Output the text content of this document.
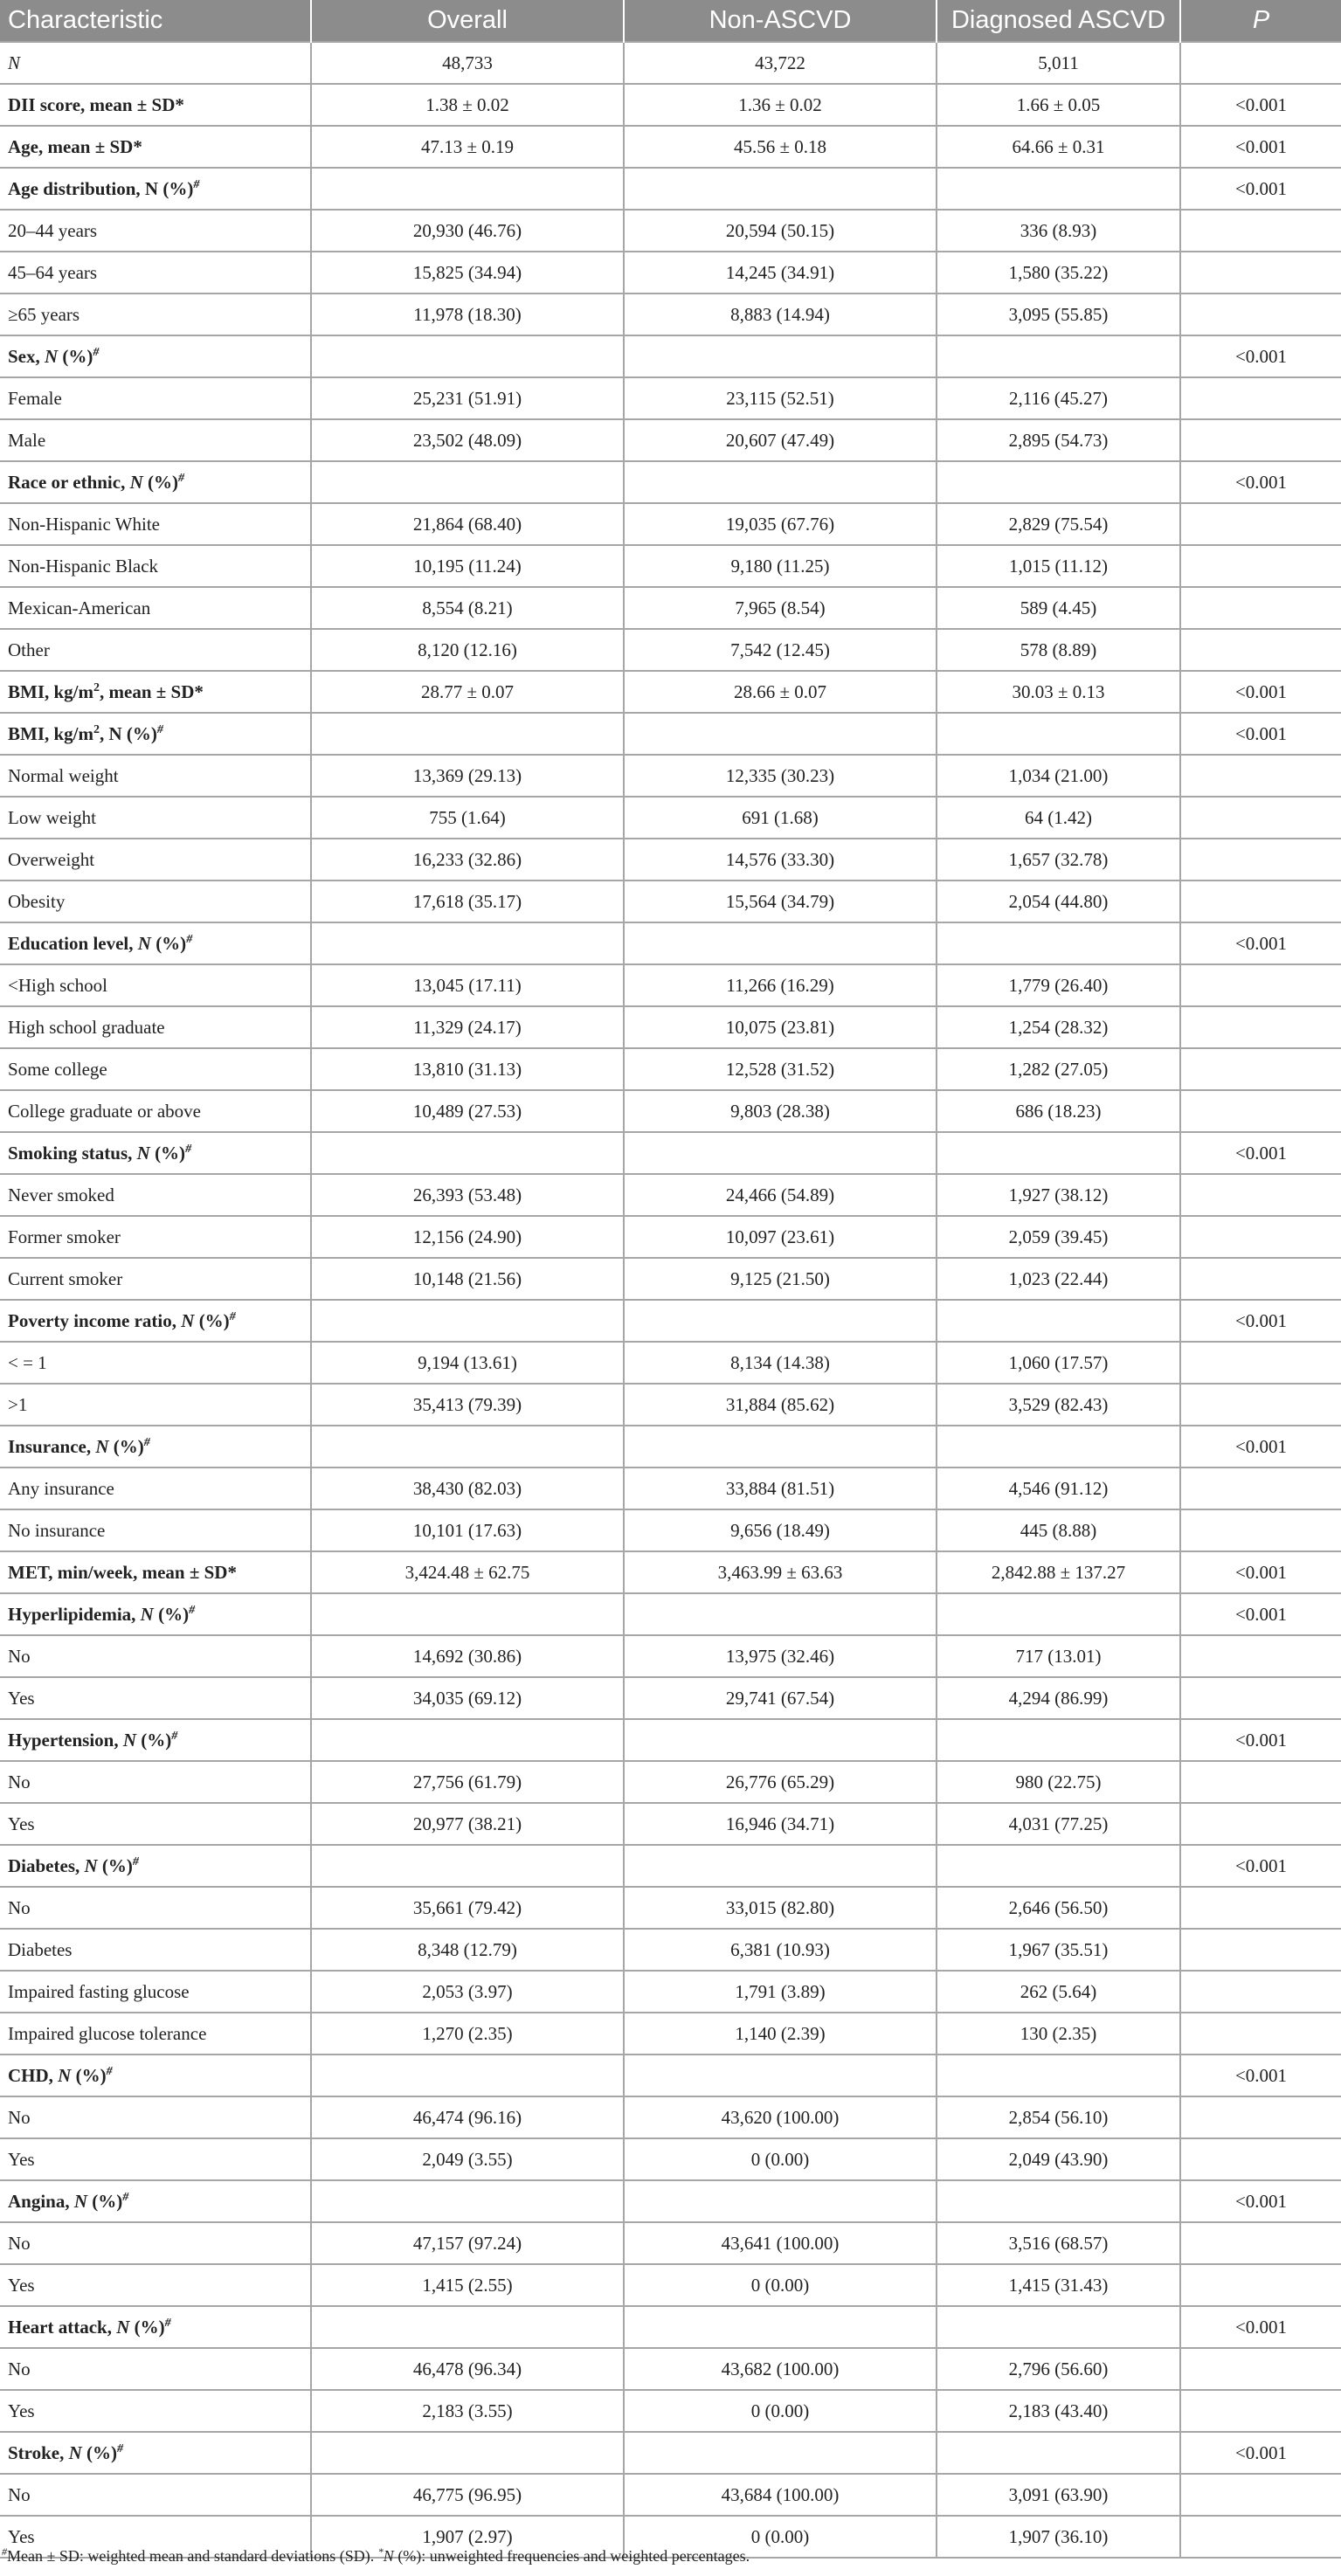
Characteristic	Overall	Non-ASCVD	Diagnosed ASCVD	P
N	48,733	43,722	5,011	
DII score, mean ± SD*	1.38 ± 0.02	1.36 ± 0.02	1.66 ± 0.05	<0.001
Age, mean ± SD*	47.13 ± 0.19	45.56 ± 0.18	64.66 ± 0.31	<0.001
Age distribution, N (%)#				<0.001
20–44 years	20,930 (46.76)	20,594 (50.15)	336 (8.93)	
45–64 years	15,825 (34.94)	14,245 (34.91)	1,580 (35.22)	
≥65 years	11,978 (18.30)	8,883 (14.94)	3,095 (55.85)	
Sex, N (%)#				<0.001
Female	25,231 (51.91)	23,115 (52.51)	2,116 (45.27)	
Male	23,502 (48.09)	20,607 (47.49)	2,895 (54.73)	
Race or ethnic, N (%)#				<0.001
Non-Hispanic White	21,864 (68.40)	19,035 (67.76)	2,829 (75.54)	
Non-Hispanic Black	10,195 (11.24)	9,180 (11.25)	1,015 (11.12)	
Mexican-American	8,554 (8.21)	7,965 (8.54)	589 (4.45)	
Other	8,120 (12.16)	7,542 (12.45)	578 (8.89)	
BMI, $kg/m^2$, mean ± SD*	28.77 ± 0.07	28.66 ± 0.07	30.03 ± 0.13	<0.001
BMI, $kg/m^2$, N (%)#				<0.001
Normal weight	13,369 (29.13)	12,335 (30.23)	1,034 (21.00)	
Low weight	755 (1.64)	691 (1.68)	64 (1.42)	
Overweight	16,233 (32.86)	14,576 (33.30)	1,657 (32.78)	
Obesity	17,618 (35.17)	15,564 (34.79)	2,054 (44.80)	
Education level, N (%)#				<0.001
<High school	13,045 (17.11)	11,266 (16.29)	1,779 (26.40)	
High school graduate	11,329 (24.17)	10,075 (23.81)	1,254 (28.32)	
Some college	13,810 (31.13)	12,528 (31.52)	1,282 (27.05)	
College graduate or above	10,489 (27.53)	9,803 (28.38)	686 (18.23)	
Smoking status, N (%)#				<0.001
Never smoked	26,393 (53.48)	24,466 (54.89)	1,927 (38.12)	
Former smoker	12,156 (24.90)	10,097 (23.61)	2,059 (39.45)	
Current smoker	10,148 (21.56)	9,125 (21.50)	1,023 (22.44)	
Poverty income ratio, N (%)#				<0.001
< = 1	9,194 (13.61)	8,134 (14.38)	1,060 (17.57)	
>1	35,413 (79.39)	31,884 (85.62)	3,529 (82.43)	
Insurance, N (%)#				<0.001
Any insurance	38,430 (82.03)	33,884 (81.51)	4,546 (91.12)	
No insurance	10,101 (17.63)	9,656 (18.49)	445 (8.88)	
MET, min/week, mean ± SD*	3,424.48 ± 62.75	3,463.99 ± 63.63	2,842.88 ± 137.27	<0.001
Hyperlipidemia, N (%)#				<0.001
No	14,692 (30.86)	13,975 (32.46)	717 (13.01)	
Yes	34,035 (69.12)	29,741 (67.54)	4,294 (86.99)	
Hypertension, N (%)#				<0.001
No	27,756 (61.79)	26,776 (65.29)	980 (22.75)	
Yes	20,977 (38.21)	16,946 (34.71)	4,031 (77.25)	
Diabetes, N (%)#				<0.001
No	35,661 (79.42)	33,015 (82.80)	2,646 (56.50)	
Diabetes	8,348 (12.79)	6,381 (10.93)	1,967 (35.51)	
Impaired fasting glucose	2,053 (3.97)	1,791 (3.89)	262 (5.64)	
Impaired glucose tolerance	1,270 (2.35)	1,140 (2.39)	130 (2.35)	
CHD, N (%)#				<0.001
No	46,474 (96.16)	43,620 (100.00)	2,854 (56.10)	
Yes	2,049 (3.55)	0 (0.00)	2,049 (43.90)	
Angina, N (%)#				<0.001
No	47,157 (97.24)	43,641 (100.00)	3,516 (68.57)	
Yes	1,415 (2.55)	0 (0.00)	1,415 (31.43)	
Heart attack, N (%)#				<0.001
No	46,478 (96.34)	43,682 (100.00)	2,796 (56.60)	
Yes	2,183 (3.55)	0 (0.00)	2,183 (43.40)	
Stroke, N (%)#				<0.001
No	46,775 (96.95)	43,684 (100.00)	3,091 (63.90)	
Yes	1,907 (2.97)	0 (0.00)	1,907 (36.10)	
#Mean ± SD: weighted mean and standard deviations (SD). *N (%): unweighted frequencies and weighted percentages.
